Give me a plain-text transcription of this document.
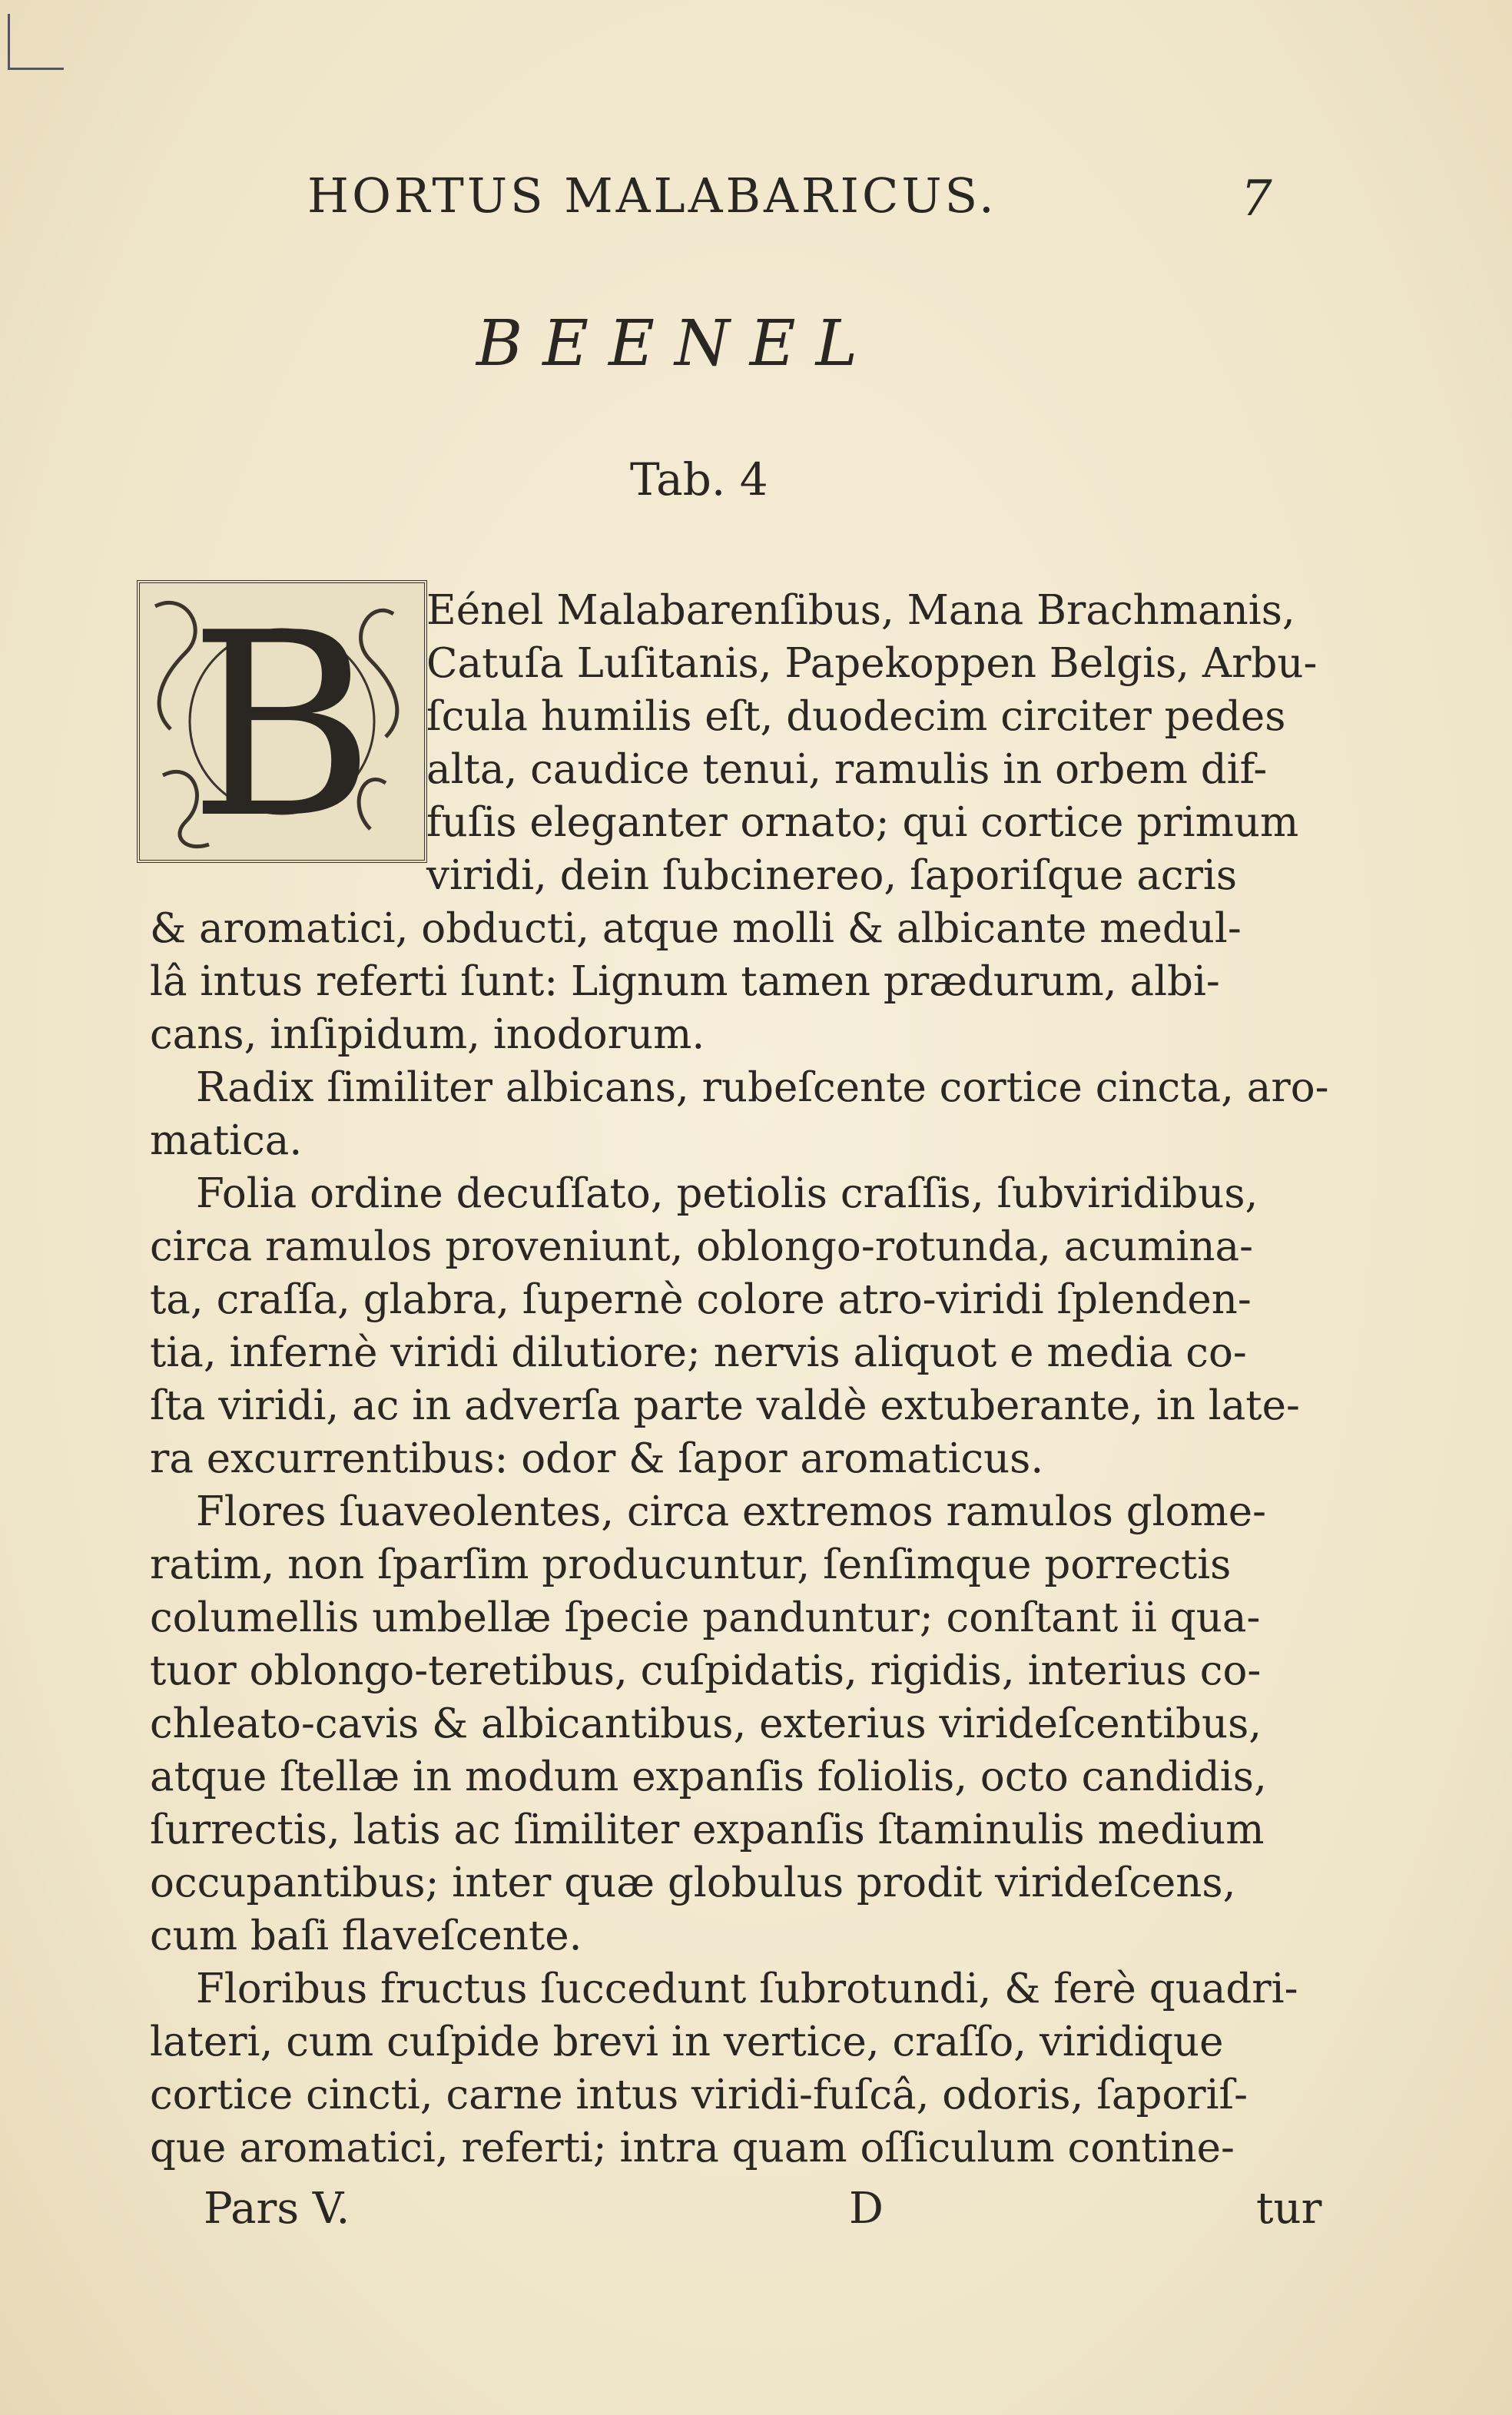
HORTUS MALABARICUS.	7
BEENEL
Tab. 4
B	Eénel Malabarenſibus, Mana Brachmanis,
Catuſa Luſitanis, Papekoppen Belgis, Arbu-
ſcula humilis eſt, duodecim circiter pedes
alta, caudice tenui, ramulis in orbem dif-
fuſis eleganter ornato; qui cortice primum
viridi, dein ſubcinereo, ſaporiſque acris
& aromatici, obducti, atque molli & albicante medul-
lâ intus referti ſunt: Lignum tamen prædurum, albi-
cans, inſipidum, inodorum.
Radix ſimiliter albicans, rubeſcente cortice cincta, aro-
matica.
Folia ordine decuſſato, petiolis craſſis, ſubviridibus,
circa ramulos proveniunt, oblongo-rotunda, acumina-
ta, craſſa, glabra, ſupernè colore atro-viridi ſplenden-
tia, infernè viridi dilutiore; nervis aliquot e media co-
ſta viridi, ac in adverſa parte valdè extuberante, in late-
ra excurrentibus: odor & ſapor aromaticus.
Flores ſuaveolentes, circa extremos ramulos glome-
ratim, non ſparſim producuntur, ſenſimque porrectis
columellis umbellæ ſpecie panduntur; conſtant ii qua-
tuor oblongo-teretibus, cuſpidatis, rigidis, interius co-
chleato-cavis & albicantibus, exterius virideſcentibus,
atque ſtellæ in modum expanſis foliolis, octo candidis,
ſurrectis, latis ac ſimiliter expanſis ſtaminulis medium
occupantibus; inter quæ globulus prodit virideſcens,
cum baſi flaveſcente.
Floribus fructus ſuccedunt ſubrotundi, & ferè quadri-
lateri, cum cuſpide brevi in vertice, craſſo, viridique
cortice cincti, carne intus viridi-fuſcâ, odoris, ſaporiſ-
que aromatici, referti; intra quam oſſiculum contine-
Pars V.	D	tur
